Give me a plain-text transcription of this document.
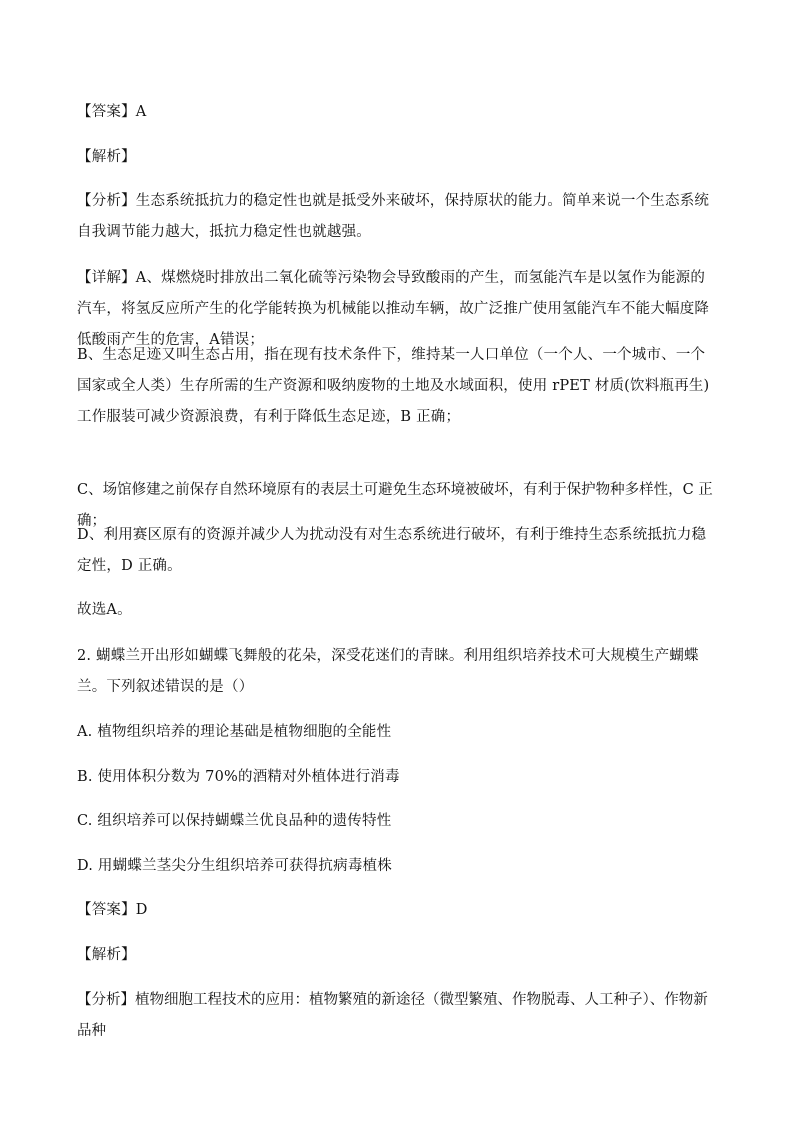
【答案】A
【解析】
【分析】生态系统抵抗力的稳定性也就是抵受外来破坏，保持原状的能力。简单来说一个生态系统自我调节能力越大，抵抗力稳定性也就越强。
【详解】A、煤燃烧时排放出二氧化硫等污染物会导致酸雨的产生，而氢能汽车是以氢作为能源的汽车，将氢反应所产生的化学能转换为机械能以推动车辆，故广泛推广使用氢能汽车不能大幅度降低酸雨产生的危害，A错误；
B、生态足迹又叫生态占用，指在现有技术条件下，维持某一人口单位（一个人、一个城市、一个国家或全人类）生存所需的生产资源和吸纳废物的土地及水域面积，使用 rPET 材质(饮料瓶再生)工作服装可减少资源浪费，有利于降低生态足迹，B 正确；
C、场馆修建之前保存自然环境原有的表层土可避免生态环境被破坏，有利于保护物种多样性，C 正确；
D、利用赛区原有的资源并减少人为扰动没有对生态系统进行破坏，有利于维持生态系统抵抗力稳定性，D 正确。
故选A。
2. 蝴蝶兰开出形如蝴蝶飞舞般的花朵，深受花迷们的青睐。利用组织培养技术可大规模生产蝴蝶兰。下列叙述错误的是（）
A. 植物组织培养的理论基础是植物细胞的全能性
B. 使用体积分数为 70%的酒精对外植体进行消毒
C. 组织培养可以保持蝴蝶兰优良品种的遗传特性
D. 用蝴蝶兰茎尖分生组织培养可获得抗病毒植株
【答案】D
【解析】
【分析】植物细胞工程技术的应用：植物繁殖的新途径（微型繁殖、作物脱毒、人工种子）、作物新品种
